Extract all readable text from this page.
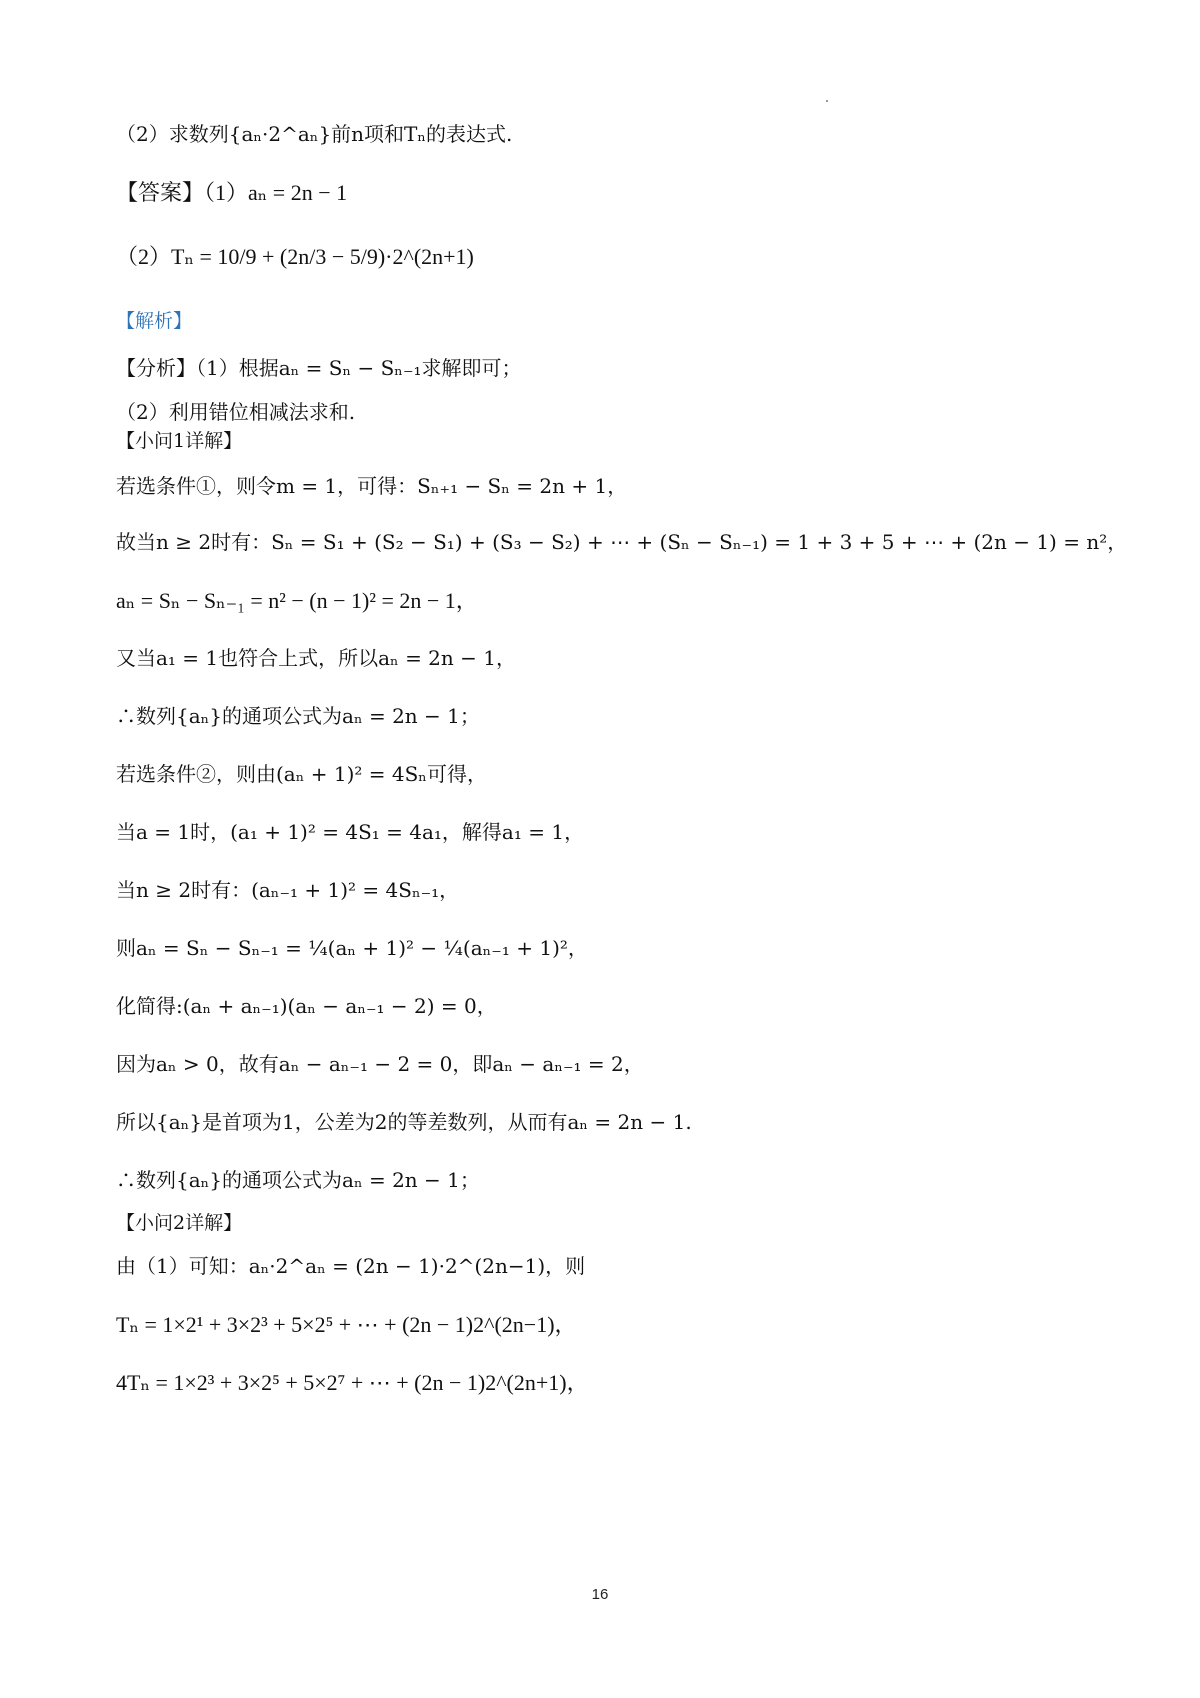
（2）求数列{aₙ·2^aₙ}前n项和Tₙ的表达式.
【答案】（1）aₙ = 2n − 1
（2）Tₙ = 10/9 + (2n/3 − 5/9)·2^(2n+1)
【解析】
【分析】（1）根据aₙ = Sₙ − Sₙ₋₁求解即可；
（2）利用错位相减法求和.
【小问1详解】
若选条件①，则令m = 1，可得：Sₙ₊₁ − Sₙ = 2n + 1，
故当n ≥ 2时有：Sₙ = S₁ + (S₂ − S₁) + (S₃ − S₂) + ⋯ + (Sₙ − Sₙ₋₁) = 1 + 3 + 5 + ⋯ + (2n − 1) = n²，
aₙ = Sₙ − Sₙ₋₁ = n² − (n − 1)² = 2n − 1，
又当a₁ = 1也符合上式，所以aₙ = 2n − 1，
∴数列{aₙ}的通项公式为aₙ = 2n − 1；
若选条件②，则由(aₙ + 1)² = 4Sₙ可得，
当a = 1时，(a₁ + 1)² = 4S₁ = 4a₁，解得a₁ = 1，
当n ≥ 2时有：(aₙ₋₁ + 1)² = 4Sₙ₋₁，
则aₙ = Sₙ − Sₙ₋₁ = ¼(aₙ + 1)² − ¼(aₙ₋₁ + 1)²，
化简得:(aₙ + aₙ₋₁)(aₙ − aₙ₋₁ − 2) = 0，
因为aₙ > 0，故有aₙ − aₙ₋₁ − 2 = 0，即aₙ − aₙ₋₁ = 2，
所以{aₙ}是首项为1，公差为2的等差数列，从而有aₙ = 2n − 1.
∴数列{aₙ}的通项公式为aₙ = 2n − 1；
【小问2详解】
由（1）可知：aₙ·2^aₙ = (2n − 1)·2^(2n−1)，则
Tₙ = 1×2¹ + 3×2³ + 5×2⁵ + ⋯ + (2n − 1)2^(2n−1)，
4Tₙ = 1×2³ + 3×2⁵ + 5×2⁷ + ⋯ + (2n − 1)2^(2n+1)，
16
